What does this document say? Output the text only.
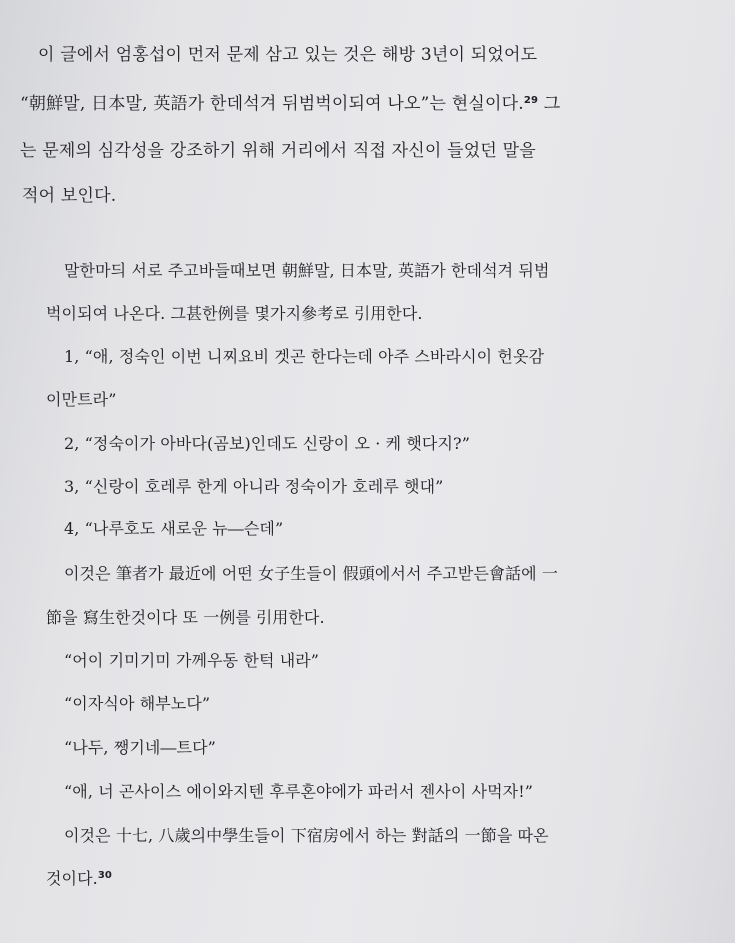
이 글에서 엄홍섭이 먼저 문제 삼고 있는 것은 해방 3년이 되었어도

“朝鮮말, 日本말, 英語가 한데석겨 뒤범벅이되여 나오”는 현실이다.$^{29}$ 그

는 문제의 심각성을 강조하기 위해 거리에서 직접 자신이 들었던 말을

적어 보인다.

말한마듸 서로 주고바들때보면 朝鮮말, 日本말, 英語가 한데석겨 뒤범

벅이되여 나온다. 그甚한例를 몇가지參考로 引用한다.

1, “애, 정숙인 이번 니찌요비 겟곤 한다는데 아주 스바라시이 헌옷감

이만트라”

2, “정숙이가 아바다(곰보)인데도 신랑이 오 · 케 햇다지?”

3, “신랑이 호레루 한게 아니라 정숙이가 호레루 햇대”

4, “나루호도 새로운 뉴―슨데”

이것은 筆者가 最近에 어떤 女子生들이 假頭에서서 주고받든會話에 一

節을 寫生한것이다 또 一例를 引用한다.

“어이 기미기미 가께우동 한턱 내라”

“이자식아 해부노다”

“나두, 쨍기네―트다”

“애, 너 곤사이스 에이와지텐 후루혼야에가 파러서 젠사이 사먹자!”

이것은 十七, 八歲의中學生들이 下宿房에서 하는 對話의 一節을 따온

것이다.$^{30}$
